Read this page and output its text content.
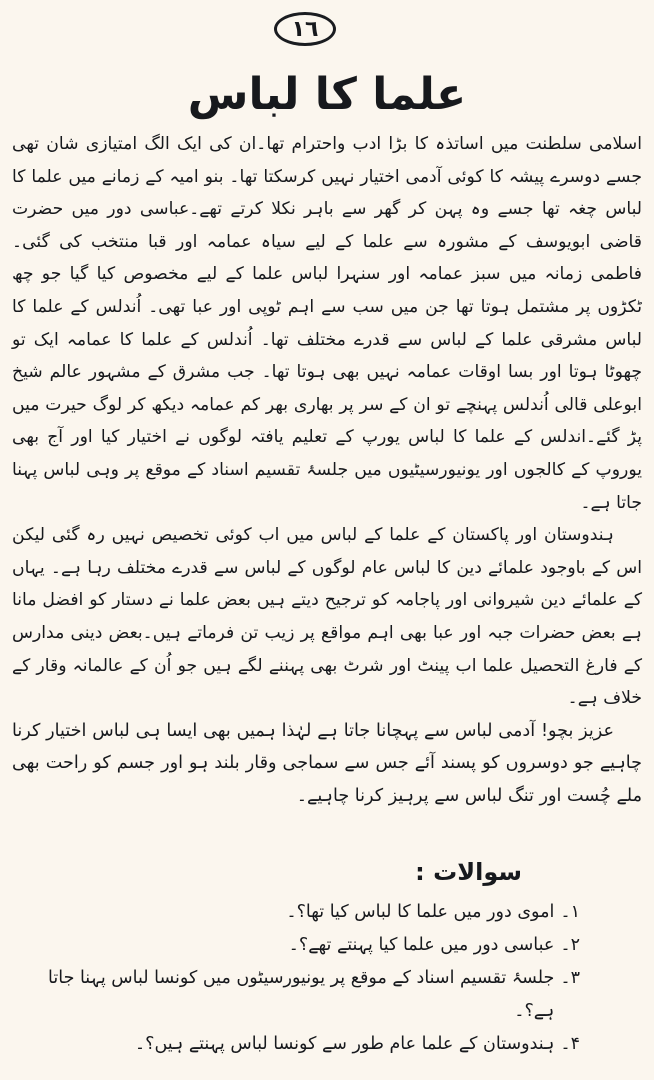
١٦
علما کا لباس

اسلامی سلطنت میں اساتذہ کا بڑا ادب واحترام تھا۔ان کی ایک الگ امتیازی شان تھی جسے دوسرے پیشہ کا کوئی آدمی اختیار نہیں کرسکتا تھا۔ بنو امیہ کے زمانے میں علما کا لباس چغہ تھا جسے وہ پہن کر گھر سے باہر نکلا کرتے تھے۔عباسی دور میں حضرت قاضی ابویوسف کے مشورہ سے علما کے لیے سیاہ عمامہ اور قبا منتخب کی گئی۔ فاطمی زمانہ میں سبز عمامہ اور سنہرا لباس علما کے لیے مخصوص کیا گیا جو چھ ٹکڑوں پر مشتمل ہوتا تھا جن میں سب سے اہم ٹوپی اور عبا تھی۔ اُندلس کے علما کا لباس مشرقی علما کے لباس سے قدرے مختلف تھا۔ اُندلس کے علما کا عمامہ ایک تو چھوٹا ہوتا اور بسا اوقات عمامہ نہیں بھی ہوتا تھا۔ جب مشرق کے مشہور عالم شیخ ابوعلی قالی اُندلس پہنچے تو ان کے سر پر بھاری بھر کم عمامہ دیکھ کر لوگ حیرت میں پڑ گئے۔اندلس کے علما کا لباس یورپ کے تعلیم یافتہ لوگوں نے اختیار کیا اور آج بھی یوروپ کے کالجوں اور یونیورسیٹیوں میں جلسۂ تقسیم اسناد کے موقع پر وہی لباس پہنا جاتا ہے۔

ہندوستان اور پاکستان کے علما کے لباس میں اب کوئی تخصیص نہیں رہ گئی لیکن اس کے باوجود علمائے دین کا لباس عام لوگوں کے لباس سے قدرے مختلف رہا ہے۔ یہاں کے علمائے دین شیروانی اور پاجامہ کو ترجیح دیتے ہیں بعض علما نے دستار کو افضل مانا ہے بعض حضرات جبہ اور عبا بھی اہم مواقع پر زیب تن فرماتے ہیں۔بعض دینی مدارس کے فارغ التحصیل علما اب پینٹ اور شرٹ بھی پہننے لگے ہیں جو اُن کے عالمانہ وقار کے خلاف ہے۔

عزیز بچو! آدمی لباس سے پہچانا جاتا ہے لہٰذا ہمیں بھی ایسا ہی لباس اختیار کرنا چاہیے جو دوسروں کو پسند آئے جس سے سماجی وقار بلند ہو اور جسم کو راحت بھی ملے چُست اور تنگ لباس سے پرہیز کرنا چاہیے۔

سوالات :
۱۔
اموی دور میں علما کا لباس کیا تھا؟۔
۲۔
عباسی دور میں علما کیا پہنتے تھے؟۔
۳۔
جلسۂ تقسیم اسناد کے موقع پر یونیورسیٹوں میں کونسا لباس پہنا جاتا ہے؟۔
۴۔
ہندوستان کے علما عام طور سے کونسا لباس پہنتے ہیں؟۔
